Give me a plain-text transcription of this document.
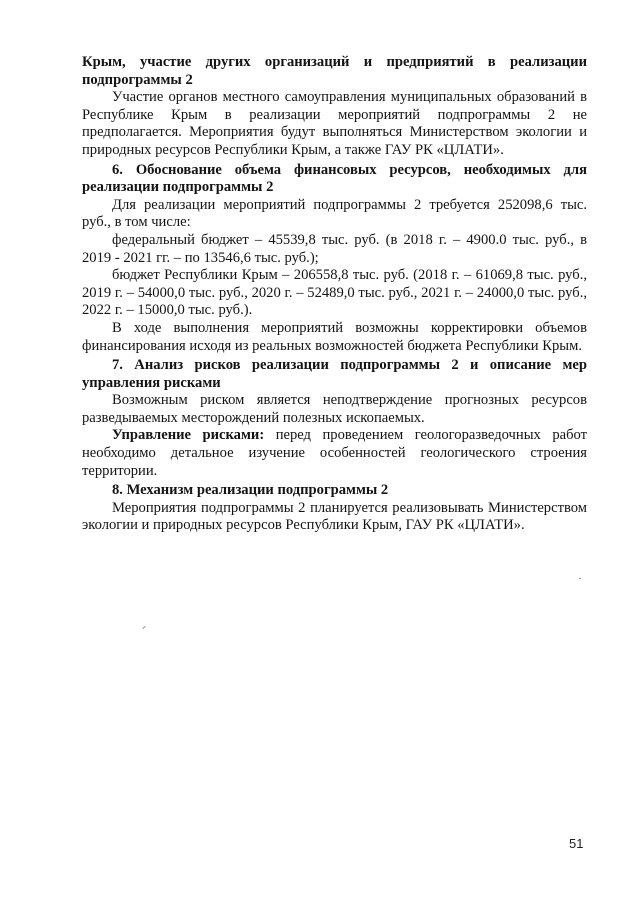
Крым, участие других организаций и предприятий в реализации подпрограммы 2

Участие органов местного самоуправления муниципальных образований в Республике Крым в реализации мероприятий подпрограммы 2 не предполагается. Мероприятия будут выполняться Министерством экологии и природных ресурсов Республики Крым, а также ГАУ РК «ЦЛАТИ».

6. Обоснование объема финансовых ресурсов, необходимых для реализации подпрограммы 2

Для реализации мероприятий подпрограммы 2 требуется 252098,6 тыс. руб., в том числе:

федеральный бюджет – 45539,8 тыс. руб. (в 2018 г. – 4900.0 тыс. руб., в 2019 - 2021 гг. – по 13546,6 тыс. руб.);

бюджет Республики Крым – 206558,8 тыс. руб. (2018 г. – 61069,8 тыс. руб., 2019 г. – 54000,0 тыс. руб., 2020 г. – 52489,0 тыс. руб., 2021 г. – 24000,0 тыс. руб., 2022 г. – 15000,0 тыс. руб.).

В ходе выполнения мероприятий возможны корректировки объемов финансирования исходя из реальных возможностей бюджета Республики Крым.

7. Анализ рисков реализации подпрограммы 2 и описание мер управления рисками

Возможным риском является неподтверждение прогнозных ресурсов разведываемых месторождений полезных ископаемых.

Управление рисками: перед проведением геологоразведочных работ необходимо детальное изучение особенностей геологического строения территории.

8. Механизм реализации подпрограммы 2

Мероприятия подпрограммы 2 планируется реализовывать Министерством экологии и природных ресурсов Республики Крым, ГАУ РК «ЦЛАТИ».

51
